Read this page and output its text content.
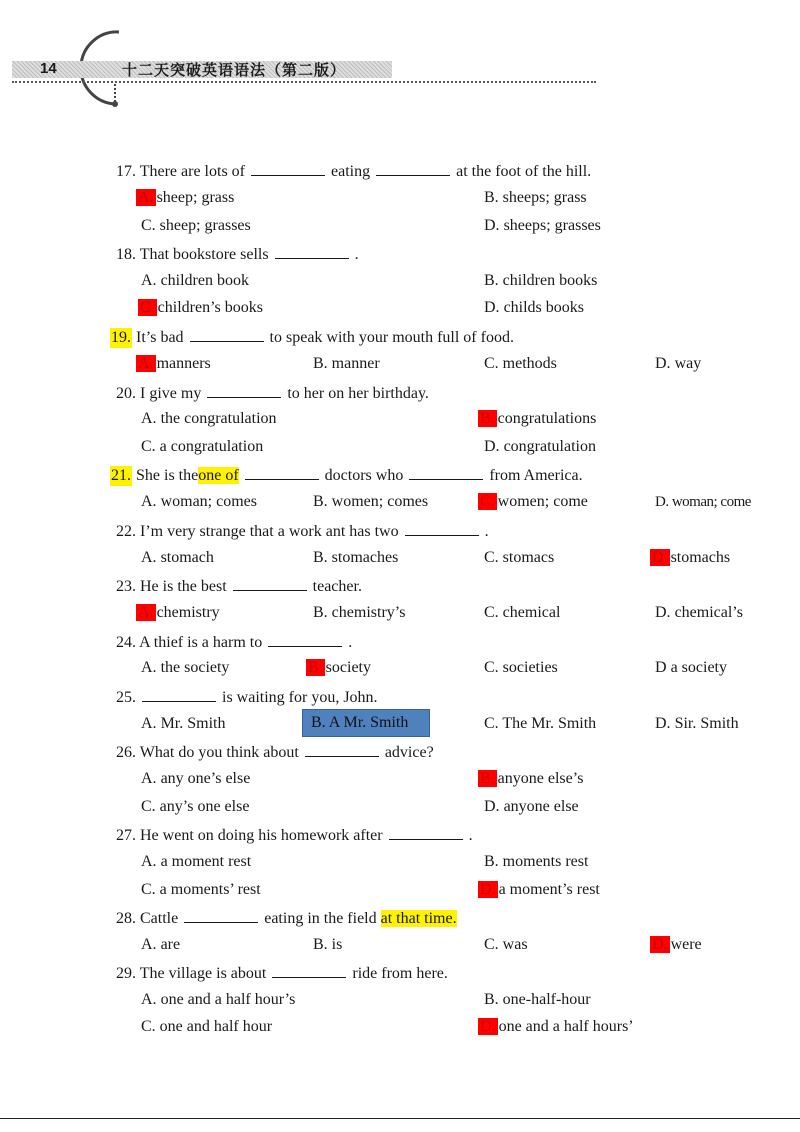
14	十二天突破英语语法（第二版）
17. There are lots of	eating	at the foot of the hill.
A. sheep; grass	B. sheeps; grass
C. sheep; grasses	D. sheeps; grasses
18. That bookstore sells	.
A. children book	B. children books
C. children’s books	D. childs books
19. It’s bad	to speak with your mouth full of food.
A. manners	B. manner	C. methods	D. way
20. I give my	to her on her birthday.
A. the congratulation	B. congratulations
C. a congratulation	D. congratulation
21. She is theone of	doctors who	from America.
A. woman; comes	B. women; comes	C. women; come	D. woman; come
22. I’m very strange that a work ant has two	.
A. stomach	B. stomaches	C. stomacs	D. stomachs
23. He is the best	teacher.
A. chemistry	B. chemistry’s	C. chemical	D. chemical’s
24. A thief is a harm to	.
A. the society	B. society	C. societies	D a society
25.	is waiting for you, John.
A. Mr. Smith	B. A Mr. Smith	C. The Mr. Smith	D. Sir. Smith
26. What do you think about	advice?
A. any one’s else	B. anyone else’s
C. any’s one else	D. anyone else
27. He went on doing his homework after	.
A. a moment rest	B. moments rest
C. a moments’ rest	D. a moment’s rest
28. Cattle	eating in the field at that time.
A. are	B. is	C. was	D. were
29. The village is about	ride from here.
A. one and a half hour’s	B. one-half-hour
C. one and half hour	D. one and a half hours’
